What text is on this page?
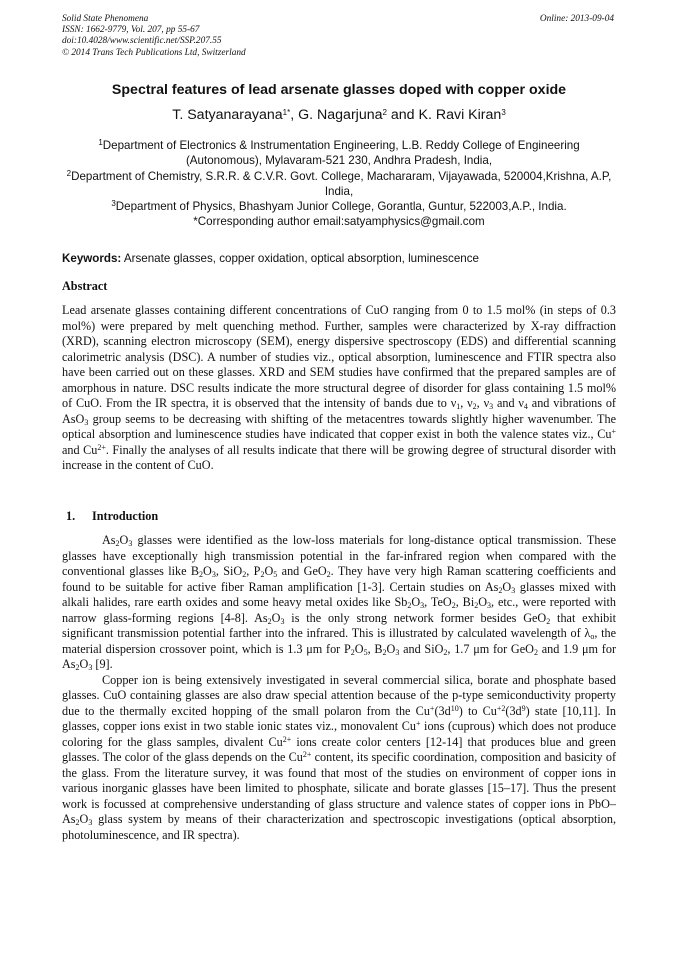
Solid State Phenomena
ISSN: 1662-9779, Vol. 207, pp 55-67
doi:10.4028/www.scientific.net/SSP.207.55
© 2014 Trans Tech Publications Ltd, Switzerland
Online: 2013-09-04
Spectral features of lead arsenate glasses doped with copper oxide
T. Satyanarayana$^{1*}$, G. Nagarjuna$^2$ and K. Ravi Kiran$^3$

$^1$Department of Electronics & Instrumentation Engineering, L.B. Reddy College of Engineering (Autonomous), Mylavaram-521 230, Andhra Pradesh, India,

$^2$Department of Chemistry, S.R.R. & C.V.R. Govt. College, Machararam, Vijayawada, 520004,Krishna, A.P, India,

$^3$Department of Physics, Bhashyam Junior College, Gorantla, Guntur, 522003,A.P., India.

*Corresponding author email:satyamphysics@gmail.com

Keywords: Arsenate glasses, copper oxidation, optical absorption, luminescence
Abstract

Lead arsenate glasses containing different concentrations of CuO ranging from 0 to 1.5 mol% (in steps of 0.3 mol%) were prepared by melt quenching method. Further, samples were characterized by X-ray diffraction (XRD), scanning electron microscopy (SEM), energy dispersive spectroscopy (EDS) and differential scanning calorimetric analysis (DSC). A number of studies viz., optical absorption, luminescence and FTIR spectra also have been carried out on these glasses. XRD and SEM studies have confirmed that the prepared samples are of amorphous in nature. DSC results indicate the more structural degree of disorder for glass containing 1.5 mol% of CuO. From the IR spectra, it is observed that the intensity of bands due to $\nu_1$, $\nu_2$, $\nu_3$ and $\nu_4$ and vibrations of AsO$_3$ group seems to be decreasing with shifting of the metacentres towards slightly higher wavenumber. The optical absorption and luminescence studies have indicated that copper exist in both the valence states viz., Cu+ and $Cu^{2+}$. Finally the analyses of all results indicate that there will be growing degree of structural disorder with increase in the content of CuO.

1. Introduction

$As_2O_3$ glasses were identified as the low-loss materials for long-distance optical transmission. These glasses have exceptionally high transmission potential in the far-infrared region when compared with the conventional glasses like $B_2O_3$, SiO$_2$, $P_2O_5$ and GeO$_2$. They have very high Raman scattering coefficients and found to be suitable for active fiber Raman amplification [1-3]. Certain studies on $As_2O_3$ glasses mixed with alkali halides, rare earth oxides and some heavy metal oxides like $Sb_2O_3$, TeO$_2$, $Bi_2O_3$, etc., were reported with narrow glass-forming regions [4-8]. $As_2O_3$ is the only strong network former besides GeO$_2$ that exhibit significant transmission potential farther into the infrared. This is illustrated by calculated wavelength of $\lambda_o$, the material dispersion crossover point, which is 1.3 μm for $P_2O_5$, $B_2O_3$ and SiO$_2$, 1.7 μm for GeO$_2$ and 1.9 μm for $As_2O_3$ [9].

Copper ion is being extensively investigated in several commercial silica, borate and phosphate based glasses. CuO containing glasses are also draw special attention because of the p-type semiconductivity property due to the thermally excited hopping of the small polaron from the $Cu^+(3d^{10})$ to $Cu^{+2}(3d^9)$ state [10,11]. In glasses, copper ions exist in two stable ionic states viz., monovalent Cu+ ions (cuprous) which does not produce coloring for the glass samples, divalent $Cu^{2+}$ ions create color centers [12-14] that produces blue and green glasses. The color of the glass depends on the $Cu^{2+}$ content, its specific coordination, composition and basicity of the glass. From the literature survey, it was found that most of the studies on environment of copper ions in various inorganic glasses have been limited to phosphate, silicate and borate glasses [15–17]. Thus the present work is focussed at comprehensive understanding of glass structure and valence states of copper ions in PbO–$As_2O_3$ glass system by means of their characterization and spectroscopic investigations (optical absorption, photoluminescence, and IR spectra).
